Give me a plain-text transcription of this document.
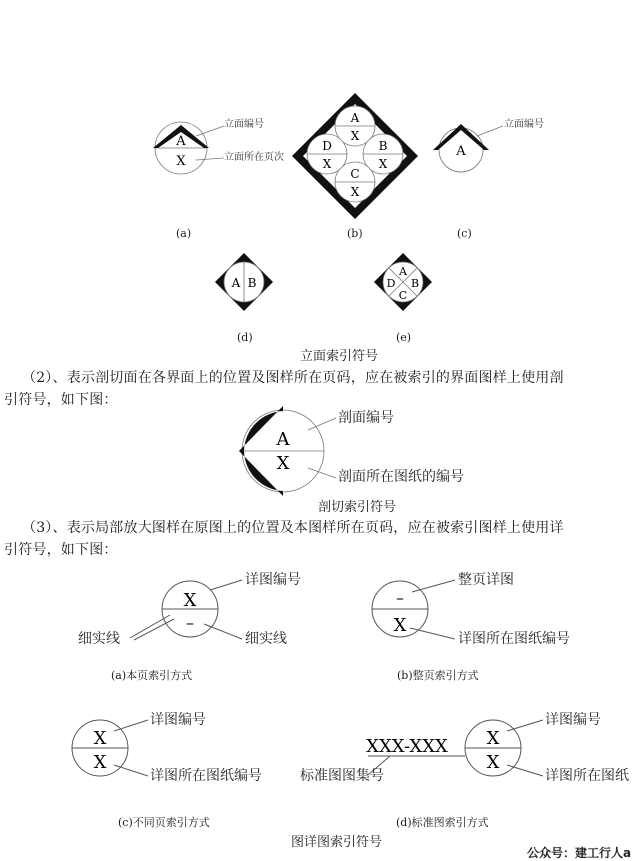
A
X
A
X
D
X
B
X
C
X
A
A B
A
D B
C
A
X
X
–
–
X
X
X
XXX-XXX X
X
立面编号
立面所在页次
立面编号
(a)	(b)	(c)
(d)	(e)
立面索引符号
（2）、表示剖切面在各界面上的位置及图样所在页码，应在被索引的界面图样上使用剖
引符号，如下图：
剖面编号
剖面所在图纸的编号
剖切索引符号
（3）、表示局部放大图样在原图上的位置及本图样所在页码，应在被索引图样上使用详
引符号，如下图：
详图编号
细实线	细实线
(a)本页索引方式
整页详图
详图所在图纸编号
(b)整页索引方式
详图编号
详图所在图纸编号
(c)不同页索引方式
标准图图集号
详图编号
详图所在图纸
(d)标准图索引方式
图详图索引符号
公众号：建工行人a
